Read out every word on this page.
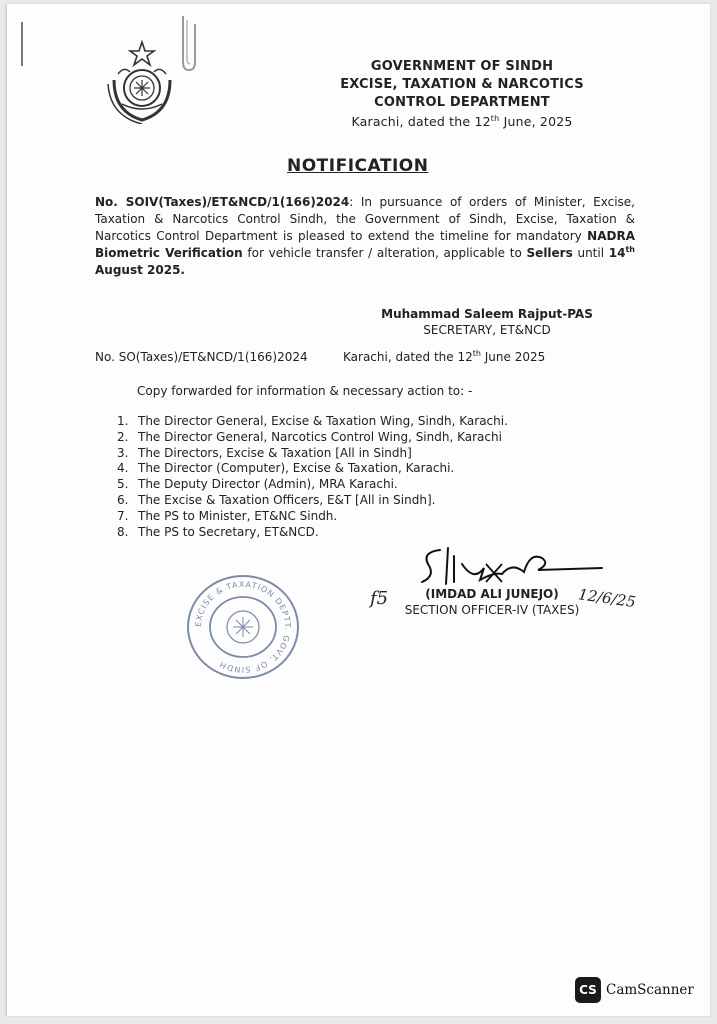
GOVERNMENT OF SINDH
EXCISE, TAXATION & NARCOTICS
CONTROL DEPARTMENT
Karachi, dated the 12th June, 2025
NOTIFICATION
No. SOIV(Taxes)/ET&NCD/1(166)2024: In pursuance of orders of Minister, Excise, Taxation & Narcotics Control Sindh, the Government of Sindh, Excise, Taxation & Narcotics Control Department is pleased to extend the timeline for mandatory NADRA Biometric Verification for vehicle transfer / alteration, applicable to Sellers until 14th August 2025.
Muhammad Saleem Rajput-PAS
SECRETARY, ET&NCD
No. SO(Taxes)/ET&NCD/1(166)2024	Karachi, dated the 12th June 2025
Copy forwarded for information & necessary action to: -
1. The Director General, Excise & Taxation Wing, Sindh, Karachi.
2. The Director General, Narcotics Control Wing, Sindh, Karachi
3. The Directors, Excise & Taxation [All in Sindh]
4. The Director (Computer), Excise & Taxation, Karachi.
5. The Deputy Director (Admin), MRA Karachi.
6. The Excise & Taxation Officers, E&T [All in Sindh].
7. The PS to Minister, ET&NC Sindh.
8. The PS to Secretary, ET&NCD.
f5	12/6/25
(IMDAD ALI JUNEJO)
SECTION OFFICER-IV (TAXES)
EXCISE & TAXATION DEPTT. GOVT. OF SINDH
CS CamScanner
